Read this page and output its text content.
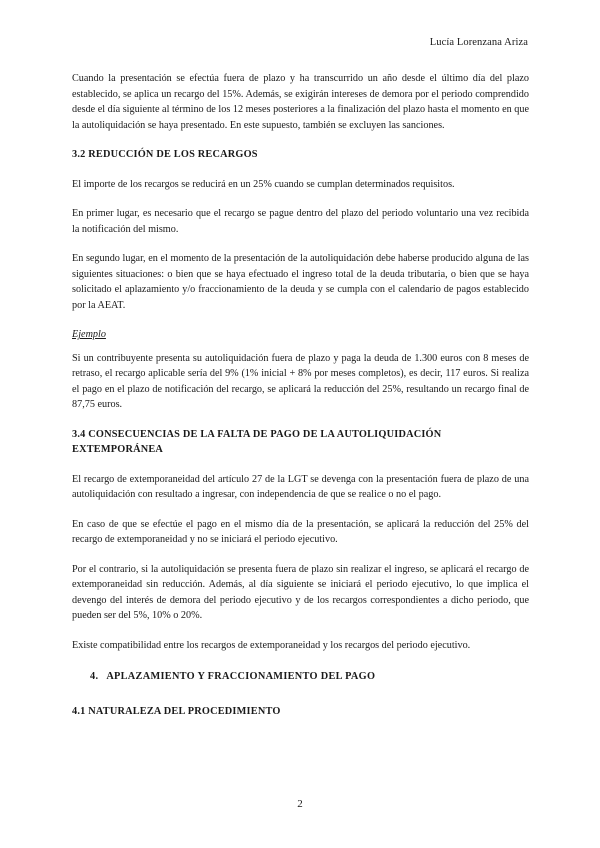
Lucía Lorenzana Ariza

Cuando la presentación se efectúa fuera de plazo y ha transcurrido un año desde el último día del plazo establecido, se aplica un recargo del 15%. Además, se exigirán intereses de demora por el periodo comprendido desde el día siguiente al término de los 12 meses posteriores a la finalización del plazo hasta el momento en que la autoliquidación se haya presentado. En este supuesto, también se excluyen las sanciones.

3.2 REDUCCIÓN DE LOS RECARGOS

El importe de los recargos se reducirá en un 25% cuando se cumplan determinados requisitos.

En primer lugar, es necesario que el recargo se pague dentro del plazo del periodo voluntario una vez recibida la notificación del mismo.

En segundo lugar, en el momento de la presentación de la autoliquidación debe haberse producido alguna de las siguientes situaciones: o bien que se haya efectuado el ingreso total de la deuda tributaria, o bien que se haya solicitado el aplazamiento y/o fraccionamiento de la deuda y se cumpla con el calendario de pagos establecido por la AEAT.

Ejemplo

Si un contribuyente presenta su autoliquidación fuera de plazo y paga la deuda de 1.300 euros con 8 meses de retraso, el recargo aplicable sería del 9% (1% inicial + 8% por meses completos), es decir, 117 euros. Si realiza el pago en el plazo de notificación del recargo, se aplicará la reducción del 25%, resultando un recargo final de 87,75 euros.

3.4 CONSECUENCIAS DE LA FALTA DE PAGO DE LA AUTOLIQUIDACIÓN EXTEMPORÁNEA

El recargo de extemporaneidad del artículo 27 de la LGT se devenga con la presentación fuera de plazo de una autoliquidación con resultado a ingresar, con independencia de que se realice o no el pago.

En caso de que se efectúe el pago en el mismo día de la presentación, se aplicará la reducción del 25% del recargo de extemporaneidad y no se iniciará el periodo ejecutivo.

Por el contrario, si la autoliquidación se presenta fuera de plazo sin realizar el ingreso, se aplicará el recargo de extemporaneidad sin reducción. Además, al día siguiente se iniciará el periodo ejecutivo, lo que implica el devengo del interés de demora del periodo ejecutivo y de los recargos correspondientes a dicho periodo, que pueden ser del 5%, 10% o 20%.

Existe compatibilidad entre los recargos de extemporaneidad y los recargos del periodo ejecutivo.

4. APLAZAMIENTO Y FRACCIONAMIENTO DEL PAGO
4.1 NATURALEZA DEL PROCEDIMIENTO
2
